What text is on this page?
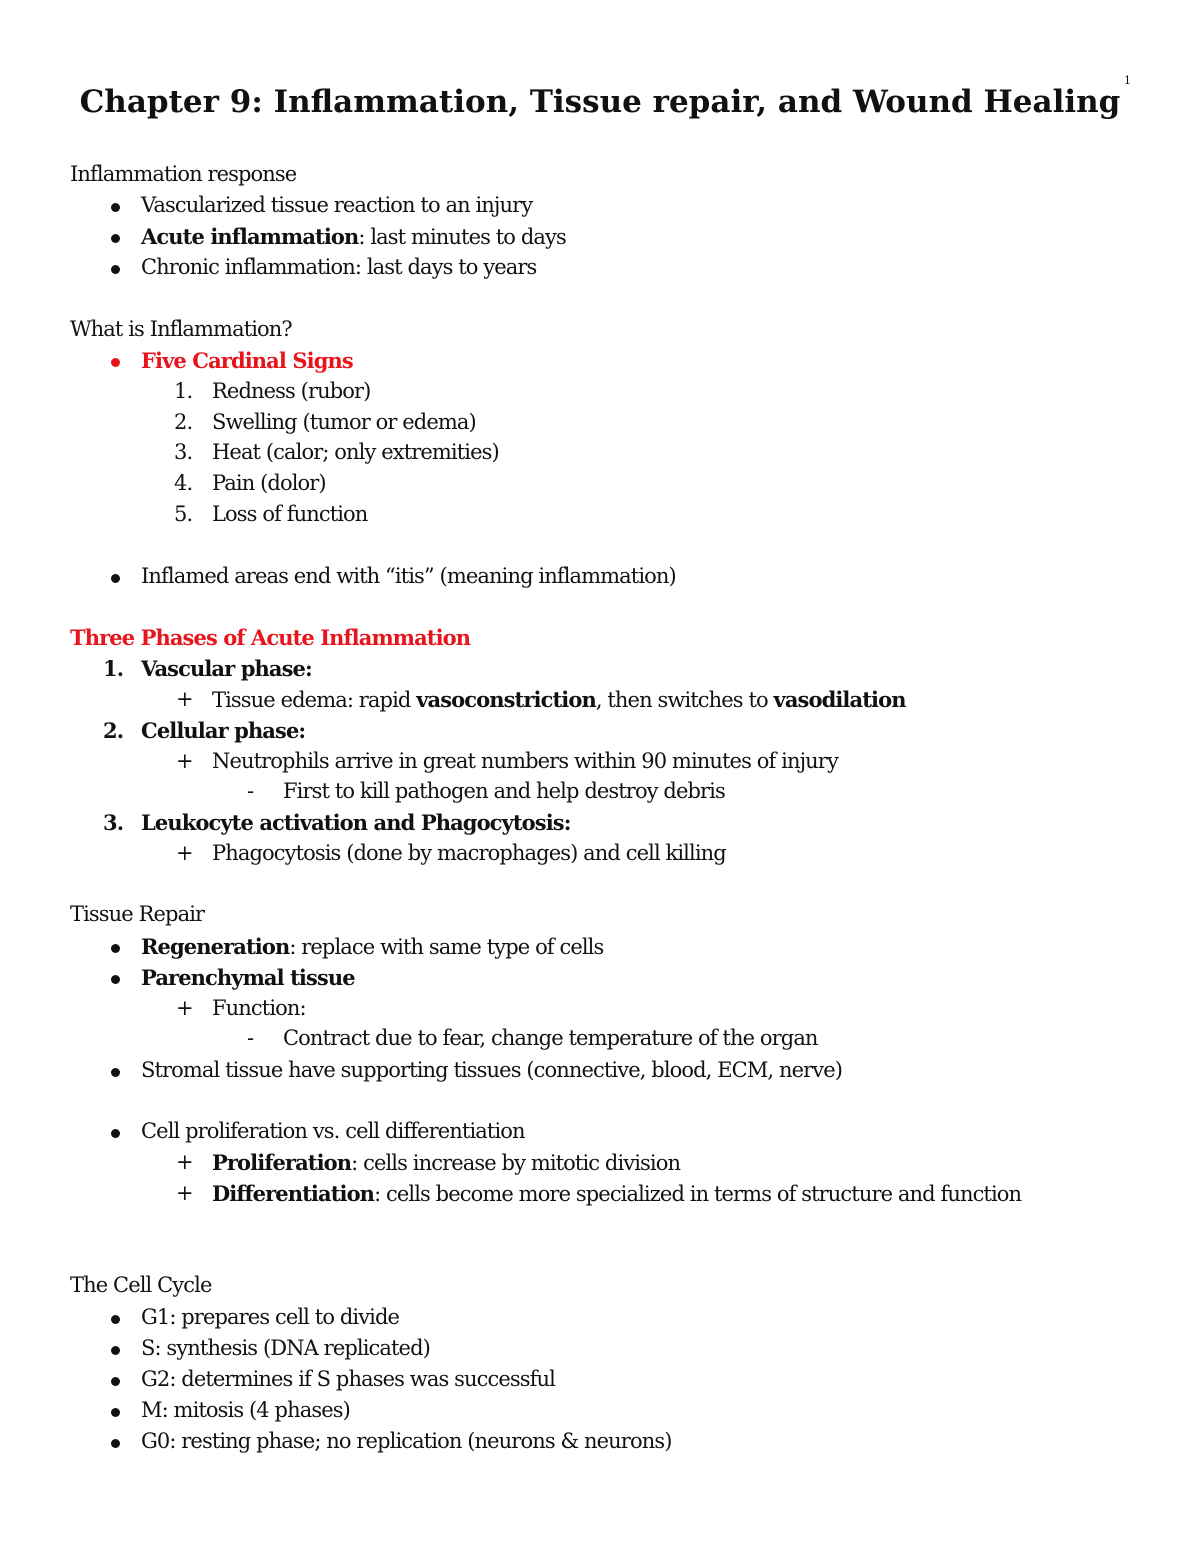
1
Chapter 9: Inflammation, Tissue repair, and Wound Healing
Inflammation response
Vascularized tissue reaction to an injury
Acute inflammation: last minutes to days
Chronic inflammation: last days to years
What is Inflammation?
Five Cardinal Signs
1. Redness (rubor)
2. Swelling (tumor or edema)
3. Heat (calor; only extremities)
4. Pain (dolor)
5. Loss of function
Inflamed areas end with “itis” (meaning inflammation)
Three Phases of Acute Inflammation
1. Vascular phase:
+ Tissue edema: rapid vasoconstriction, then switches to vasodilation
2. Cellular phase:
+ Neutrophils arrive in great numbers within 90 minutes of injury
-	First to kill pathogen and help destroy debris
3. Leukocyte activation and Phagocytosis:
+ Phagocytosis (done by macrophages) and cell killing
Tissue Repair
Regeneration: replace with same type of cells
Parenchymal tissue
+ Function:
-	Contract due to fear, change temperature of the organ
Stromal tissue have supporting tissues (connective, blood, ECM, nerve)
Cell proliferation vs. cell differentiation
+ Proliferation: cells increase by mitotic division
+ Differentiation: cells become more specialized in terms of structure and function
The Cell Cycle
G1: prepares cell to divide
S: synthesis (DNA replicated)
G2: determines if S phases was successful
M: mitosis (4 phases)
G0: resting phase; no replication (neurons & neurons)
